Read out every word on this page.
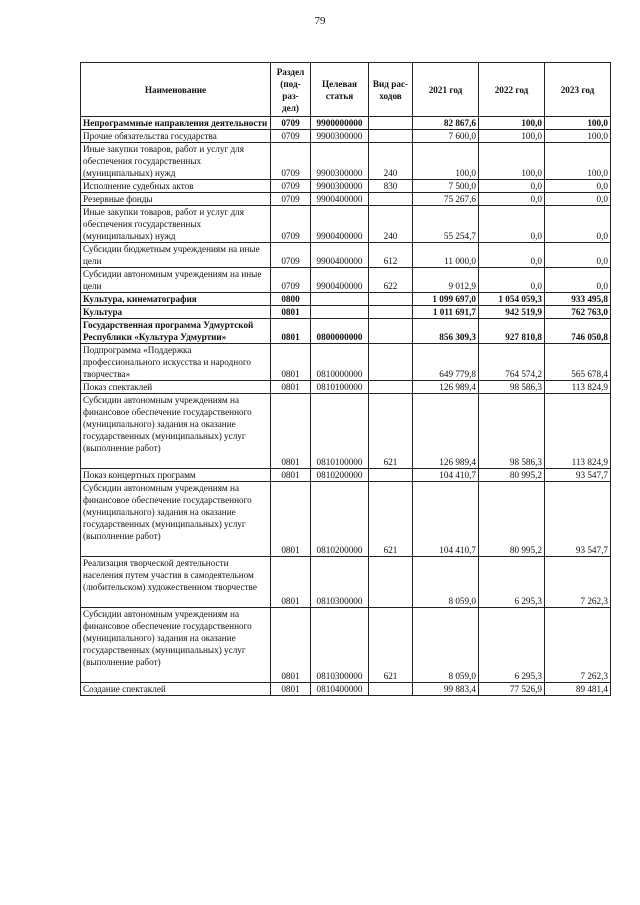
79
Наименование	Раздел (под- раз- дел)	Целевая статья	Вид рас- ходов	2021 год	2022 год	2023 год
Непрограммные направления деятельности	0709	9900000000		82 867,6	100,0	100,0
Прочие обязательства государства	0709	9900300000		7 600,0	100,0	100,0
Иные закупки товаров, работ и услуг для обеспечения государственных (муниципальных) нужд	0709	9900300000	240	100,0	100,0	100,0
Исполнение судебных актов	0709	9900300000	830	7 500,0	0,0	0,0
Резервные фонды	0709	9900400000		75 267,6	0,0	0,0
Иные закупки товаров, работ и услуг для обеспечения государственных (муниципальных) нужд	0709	9900400000	240	55 254,7	0,0	0,0
Субсидии бюджетным учреждениям на иные цели	0709	9900400000	612	11 000,0	0,0	0,0
Субсидии автономным учреждениям на иные цели	0709	9900400000	622	9 012,9	0,0	0,0
Культура, кинематография	0800			1 099 697,0	1 054 059,3	933 495,8
Культура	0801			1 011 691,7	942 519,9	762 763,0
Государственная программа Удмуртской Республики «Культура Удмуртии»	0801	0800000000		856 309,3	927 810,8	746 050,8
Подпрограмма «Поддержка профессионального искусства и народного творчества»	0801	0810000000		649 779,8	764 574,2	565 678,4
Показ спектаклей	0801	0810100000		126 989,4	98 586,3	113 824,9
Субсидии автономным учреждениям на финансовое обеспечение государственного (муниципального) задания на оказание государственных (муниципальных) услуг (выполнение работ)	0801	0810100000	621	126 989,4	98 586,3	113 824,9
Показ концертных программ	0801	0810200000		104 410,7	80 995,2	93 547,7
Субсидии автономным учреждениям на финансовое обеспечение государственного (муниципального) задания на оказание государственных (муниципальных) услуг (выполнение работ)	0801	0810200000	621	104 410,7	80 995,2	93 547,7
Реализация творческой деятельности населения путем участия в самодеятельном (любительском) художественном творчестве	0801	0810300000		8 059,0	6 295,3	7 262,3
Субсидии автономным учреждениям на финансовое обеспечение государственного (муниципального) задания на оказание государственных (муниципальных) услуг (выполнение работ)	0801	0810300000	621	8 059,0	6 295,3	7 262,3
Создание спектаклей	0801	0810400000		99 883,4	77 526,9	89 481,4
